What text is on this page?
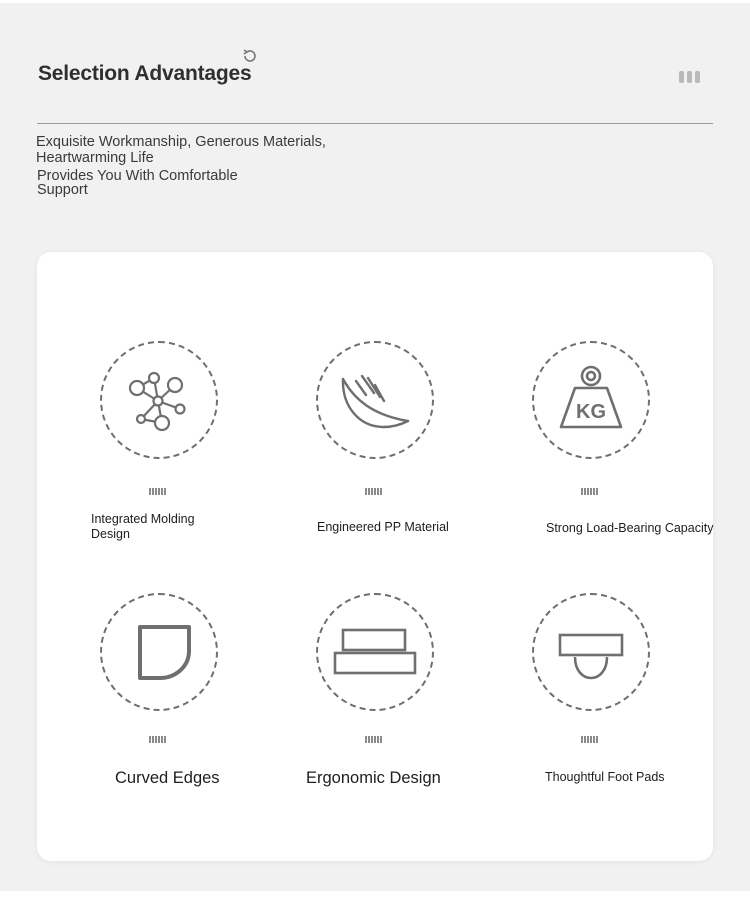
Selection Advantages
Exquisite Workmanship, Generous Materials, Heartwarming Life
Provides You With Comfortable Support
Integrated Molding Design	Engineered PP Material
KG
Strong Load-Bearing Capacity
Curved Edges	Ergonomic Design	Thoughtful Foot Pads
